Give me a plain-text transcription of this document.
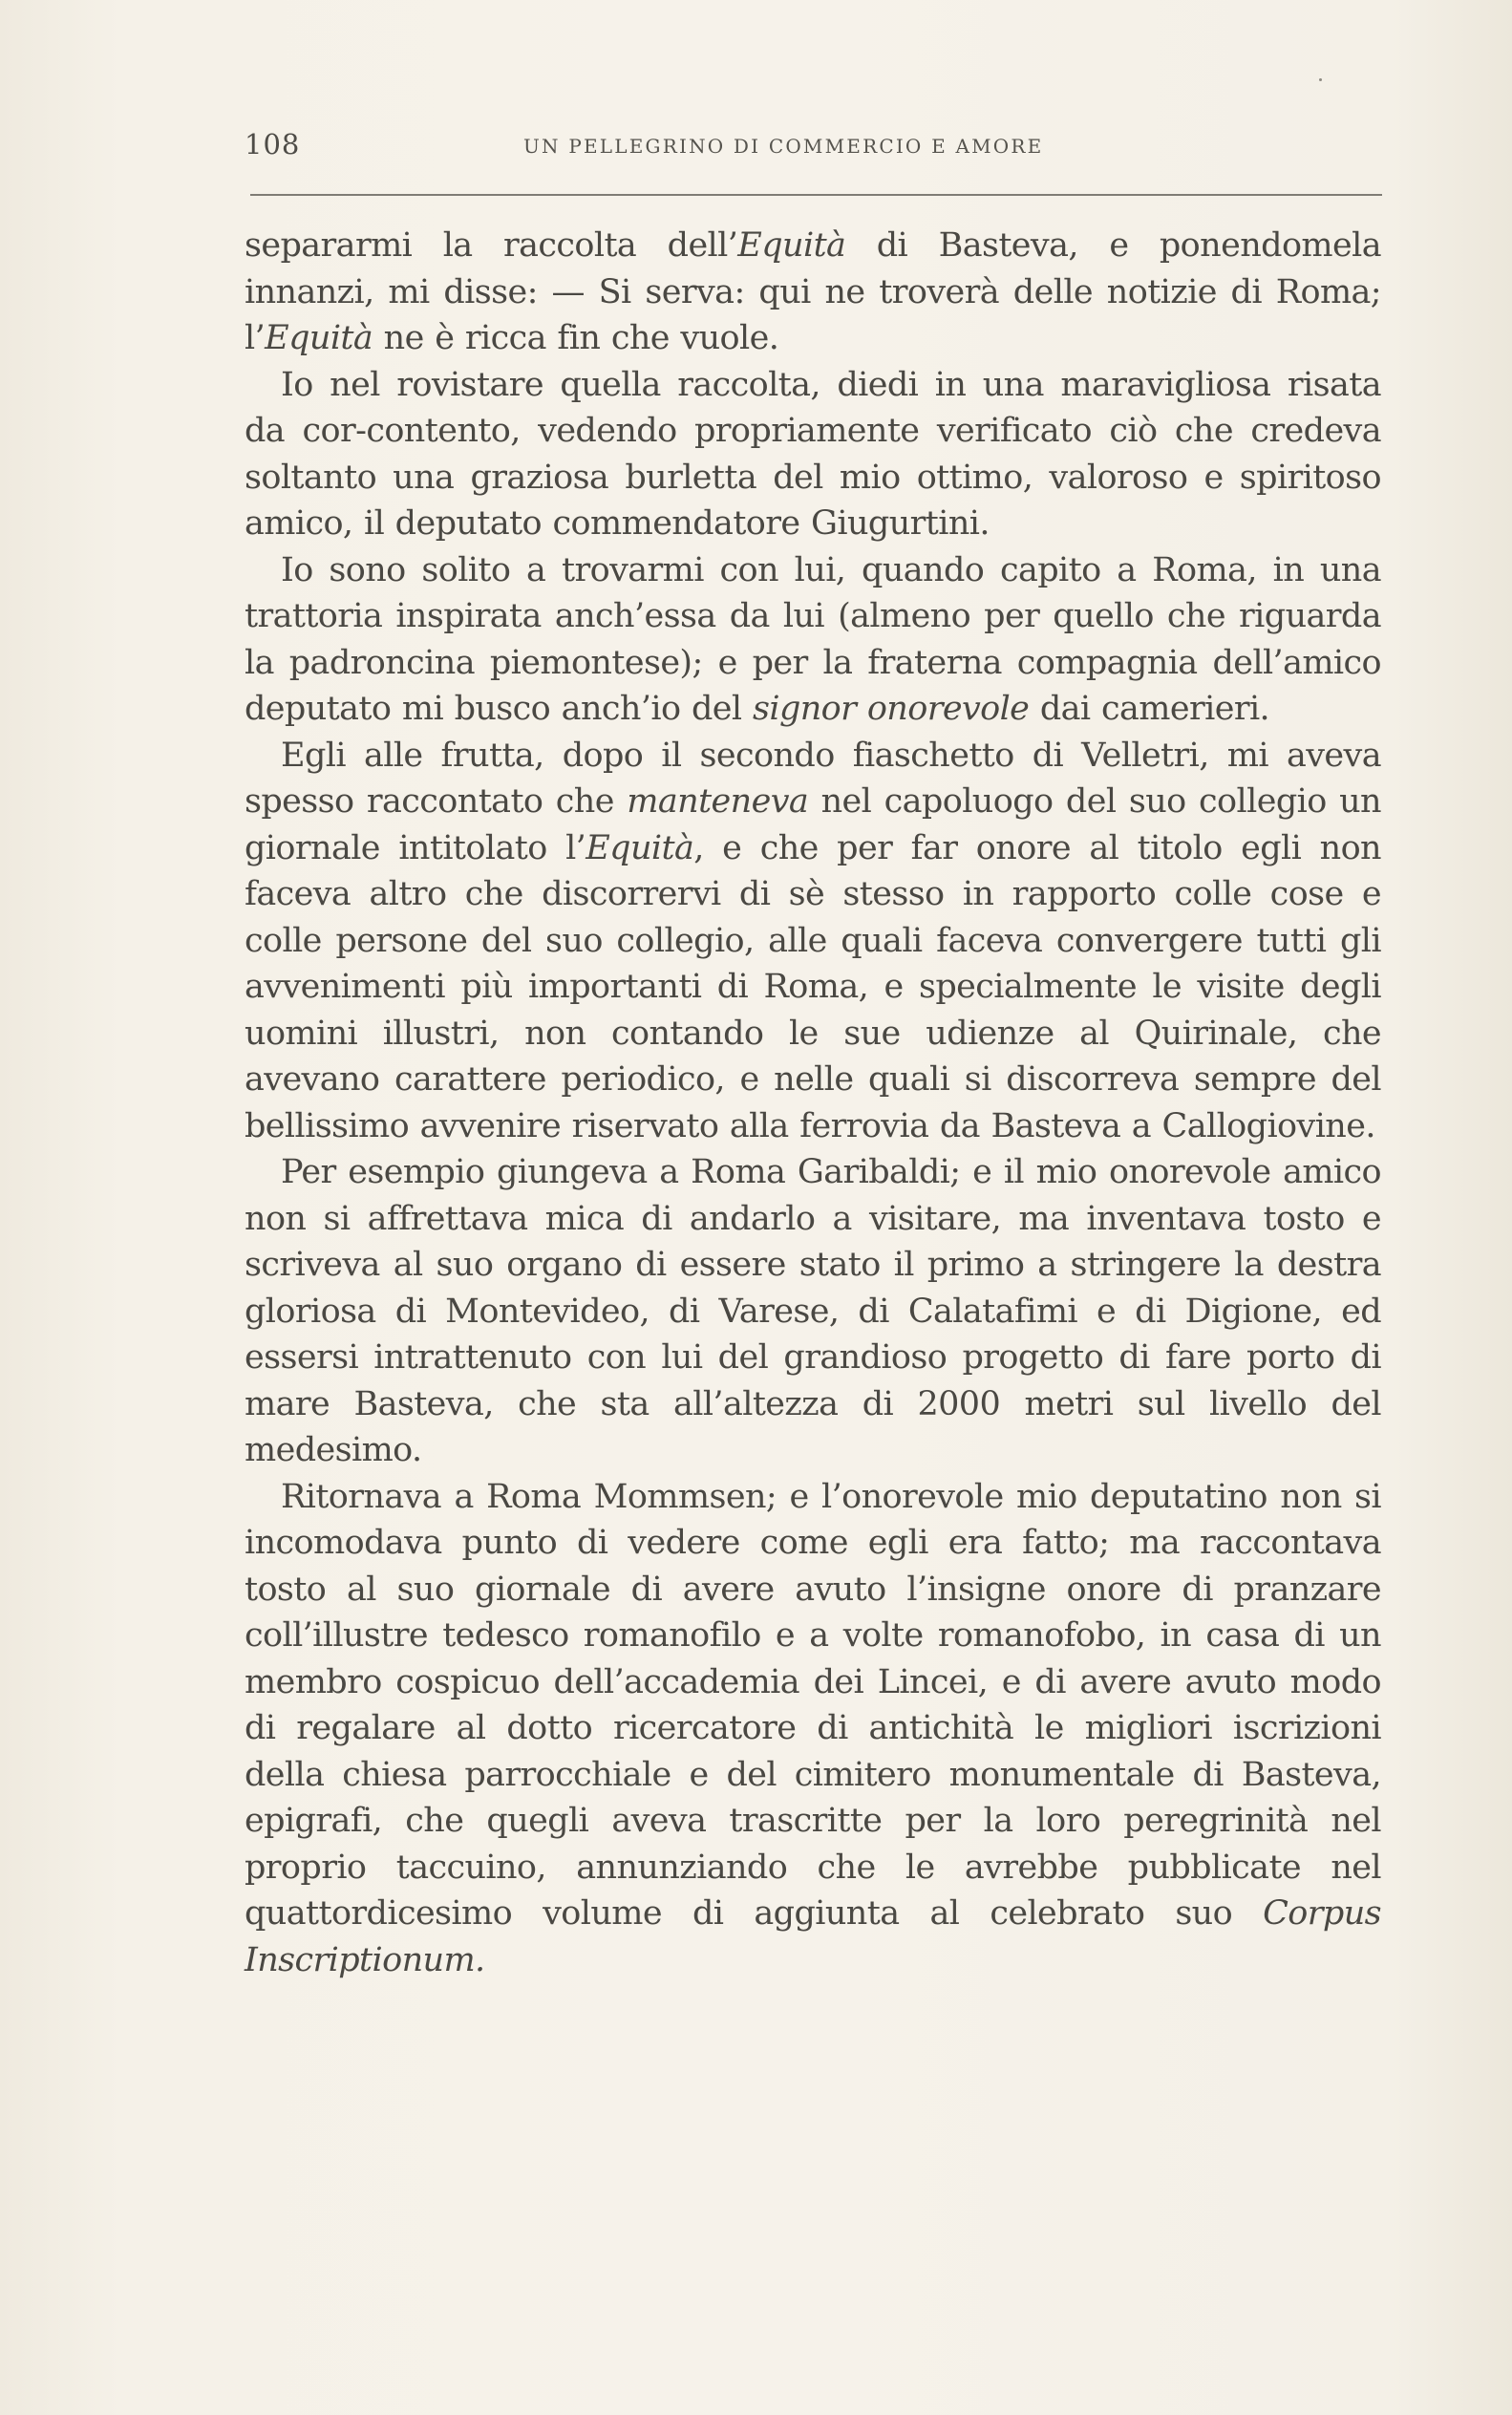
108	UN PELLEGRINO DI COMMERCIO E AMORE

separarmi la raccolta dell’Equità di Basteva, e ponendomela innanzi, mi disse: — Si serva: qui ne troverà delle notizie di Roma; l’Equità ne è ricca fin che vuole.

Io nel rovistare quella raccolta, diedi in una maravigliosa risata da cor-contento, vedendo propriamente verificato ciò che credeva soltanto una graziosa burletta del mio ottimo, valoroso e spiritoso amico, il deputato commendatore Giugurtini.

Io sono solito a trovarmi con lui, quando capito a Roma, in una trattoria inspirata anch’essa da lui (almeno per quello che riguarda la padroncina piemontese); e per la fraterna compagnia dell’amico deputato mi busco anch’io del signor onorevole dai camerieri.

Egli alle frutta, dopo il secondo fiaschetto di Velletri, mi aveva spesso raccontato che manteneva nel capoluogo del suo collegio un giornale intitolato l’Equità, e che per far onore al titolo egli non faceva altro che discorrervi di sè stesso in rapporto colle cose e colle persone del suo collegio, alle quali faceva convergere tutti gli avvenimenti più importanti di Roma, e specialmente le visite degli uomini illustri, non contando le sue udienze al Quirinale, che avevano carattere periodico, e nelle quali si discorreva sempre del bellissimo avvenire riservato alla ferrovia da Basteva a Callogiovine.

Per esempio giungeva a Roma Garibaldi; e il mio onorevole amico non si affrettava mica di andarlo a visitare, ma inventava tosto e scriveva al suo organo di essere stato il primo a stringere la destra gloriosa di Montevideo, di Varese, di Calatafimi e di Digione, ed essersi intrattenuto con lui del grandioso progetto di fare porto di mare Basteva, che sta all’altezza di 2000 metri sul livello del medesimo.

Ritornava a Roma Mommsen; e l’onorevole mio deputatino non si incomodava punto di vedere come egli era fatto; ma raccontava tosto al suo giornale di avere avuto l’insigne onore di pranzare coll’illustre tedesco romanofilo e a volte romanofobo, in casa di un membro cospicuo dell’accademia dei Lincei, e di avere avuto modo di regalare al dotto ricercatore di antichità le migliori iscrizioni della chiesa parrocchiale e del cimitero monumentale di Basteva, epigrafi, che quegli aveva trascritte per la loro peregrinità nel proprio taccuino, annunziando che le avrebbe pubblicate nel quattordicesimo volume di aggiunta al celebrato suo Corpus Inscriptionum.
